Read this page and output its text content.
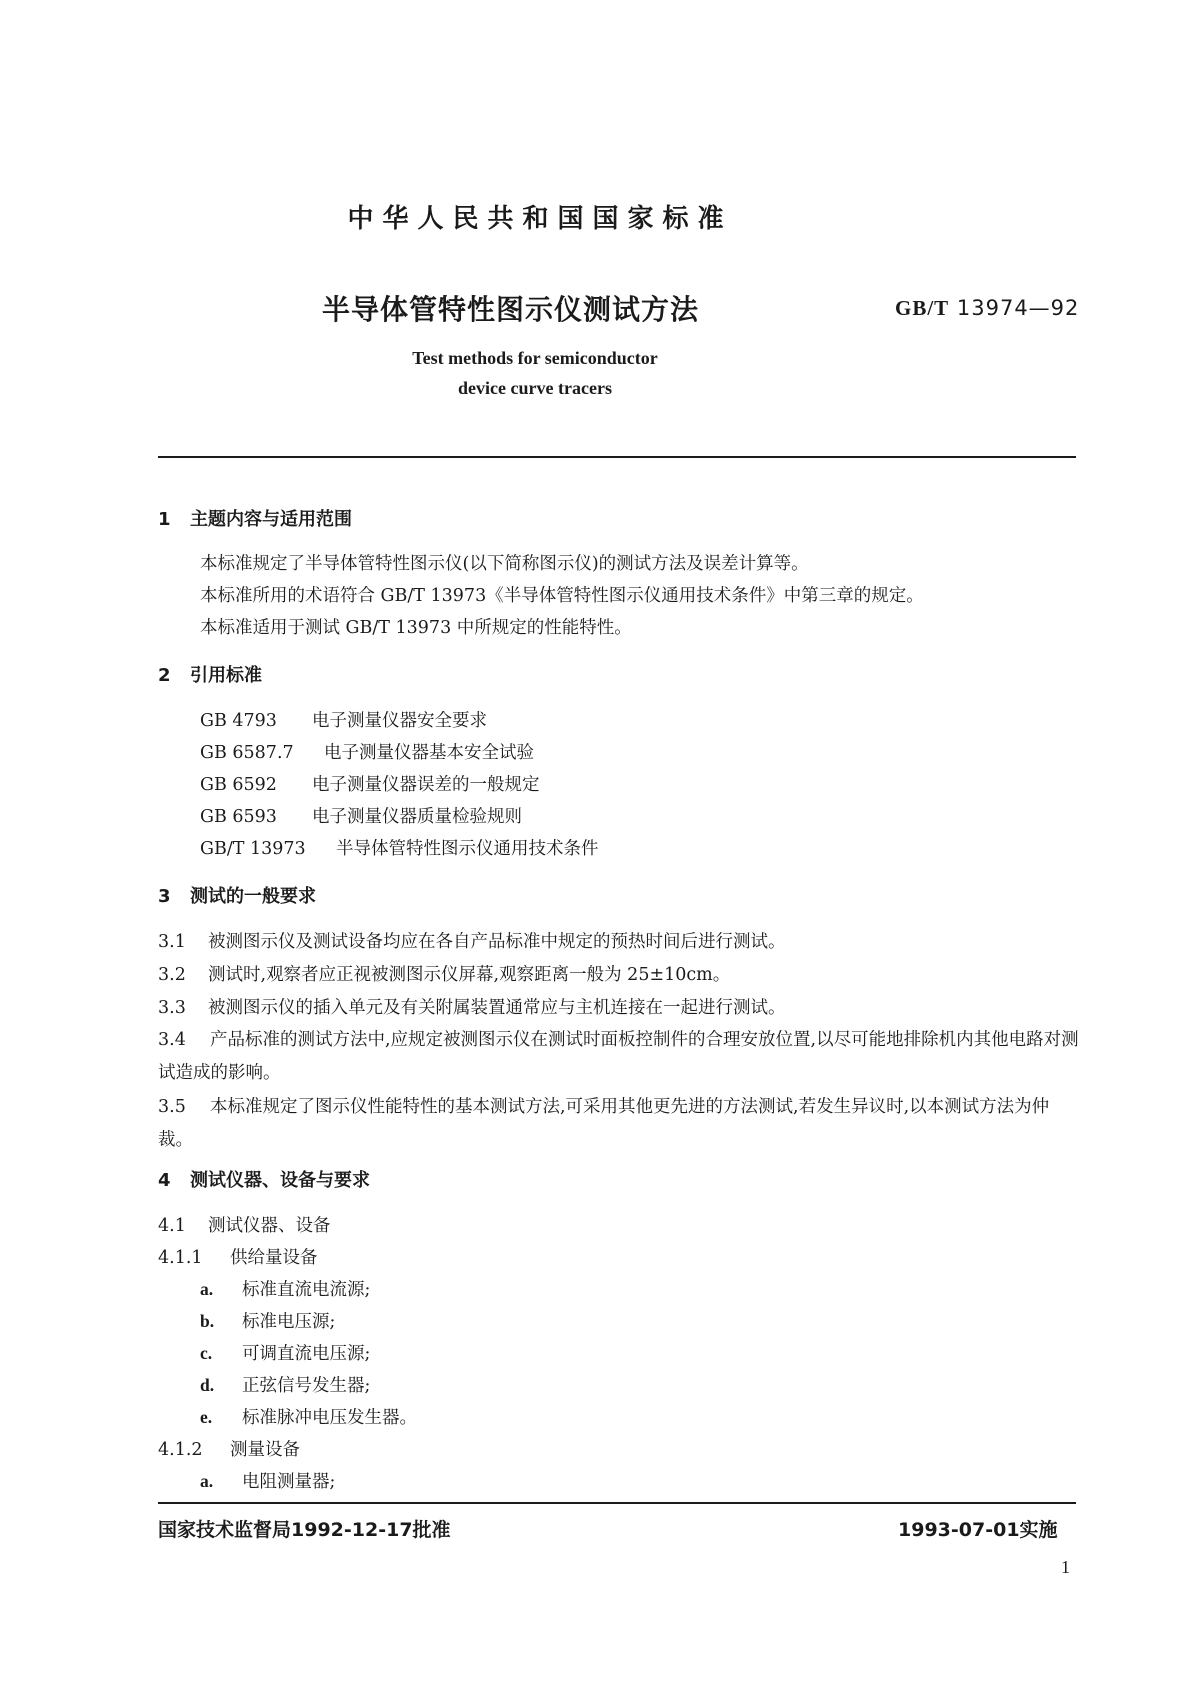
中华人民共和国国家标准
半导体管特性图示仪测试方法	GB/T 13974—92
Test methods for semiconductor
device curve tracers
1 主题内容与适用范围
本标准规定了半导体管特性图示仪(以下简称图示仪)的测试方法及误差计算等。
本标准所用的术语符合 GB/T 13973《半导体管特性图示仪通用技术条件》中第三章的规定。
本标准适用于测试 GB/T 13973 中所规定的性能特性。
2 引用标准
GB 4793 电子测量仪器安全要求
GB 6587.7 电子测量仪器基本安全试验
GB 6592 电子测量仪器误差的一般规定
GB 6593 电子测量仪器质量检验规则
GB/T 13973 半导体管特性图示仪通用技术条件
3 测试的一般要求
3.1 被测图示仪及测试设备均应在各自产品标准中规定的预热时间后进行测试。
3.2 测试时,观察者应正视被测图示仪屏幕,观察距离一般为 25±10cm。
3.3 被测图示仪的插入单元及有关附属装置通常应与主机连接在一起进行测试。
3.4 产品标准的测试方法中,应规定被测图示仪在测试时面板控制件的合理安放位置,以尽可能地排除机内其他电路对测试造成的影响。
3.5 本标准规定了图示仪性能特性的基本测试方法,可采用其他更先进的方法测试,若发生异议时,以本测试方法为仲裁。
4 测试仪器、设备与要求
4.1 测试仪器、设备
4.1.1 供给量设备
a. 标准直流电流源;
b. 标准电压源;
c. 可调直流电压源;
d. 正弦信号发生器;
e. 标准脉冲电压发生器。
4.1.2 测量设备
a. 电阻测量器;
国家技术监督局1992-12-17批准	1993-07-01实施
1
